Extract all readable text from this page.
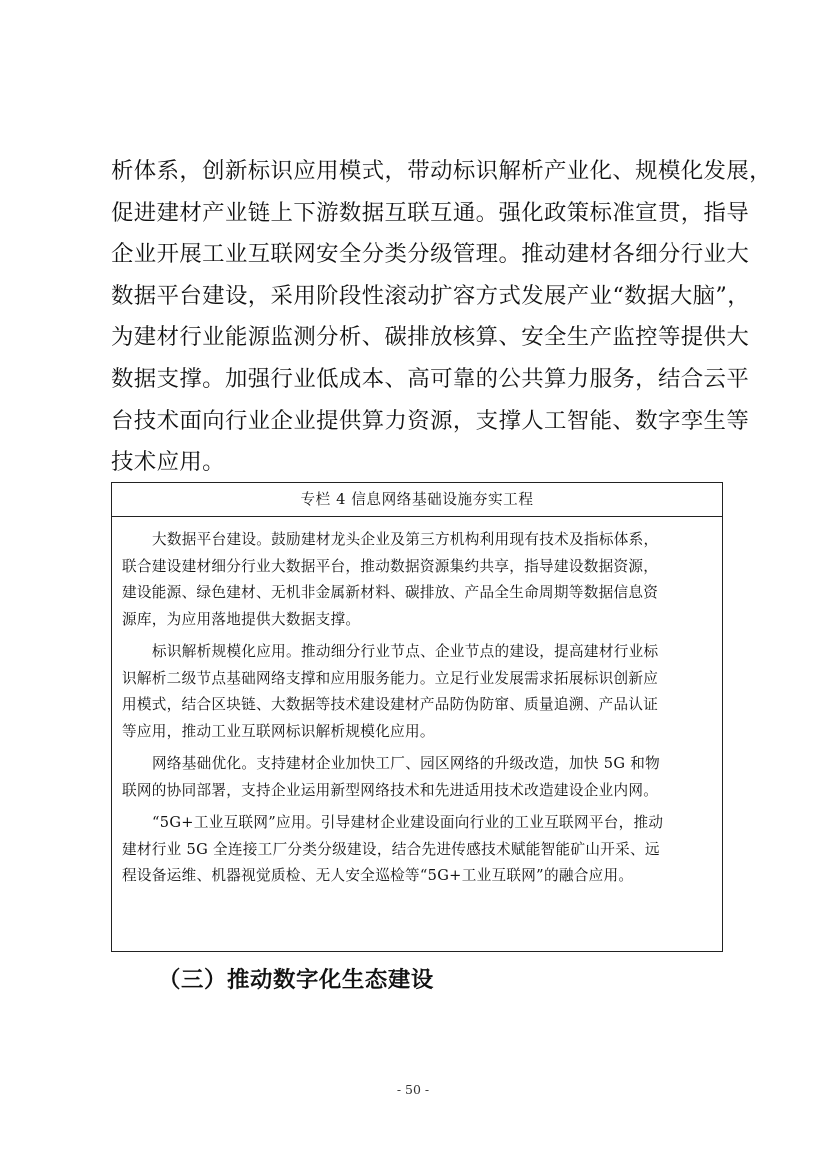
析体系，创新标识应用模式，带动标识解析产业化、规模化发展，
促进建材产业链上下游数据互联互通。强化政策标准宣贯，指导
企业开展工业互联网安全分类分级管理。推动建材各细分行业大
数据平台建设，采用阶段性滚动扩容方式发展产业“数据大脑”，
为建材行业能源监测分析、碳排放核算、安全生产监控等提供大
数据支撑。加强行业低成本、高可靠的公共算力服务，结合云平
台技术面向行业企业提供算力资源，支撑人工智能、数字孪生等
技术应用。
专栏 4 信息网络基础设施夯实工程
大数据平台建设。鼓励建材龙头企业及第三方机构利用现有技术及指标体系，
联合建设建材细分行业大数据平台，推动数据资源集约共享，指导建设数据资源，
建设能源、绿色建材、无机非金属新材料、碳排放、产品全生命周期等数据信息资
源库，为应用落地提供大数据支撑。
标识解析规模化应用。推动细分行业节点、企业节点的建设，提高建材行业标
识解析二级节点基础网络支撑和应用服务能力。立足行业发展需求拓展标识创新应
用模式，结合区块链、大数据等技术建设建材产品防伪防窜、质量追溯、产品认证
等应用，推动工业互联网标识解析规模化应用。
网络基础优化。支持建材企业加快工厂、园区网络的升级改造，加快 5G 和物
联网的协同部署，支持企业运用新型网络技术和先进适用技术改造建设企业内网。
“5G+工业互联网”应用。引导建材企业建设面向行业的工业互联网平台，推动
建材行业 5G 全连接工厂分类分级建设，结合先进传感技术赋能智能矿山开采、远
程设备运维、机器视觉质检、无人安全巡检等“5G+工业互联网”的融合应用。
（三）推动数字化生态建设
- 50 -
